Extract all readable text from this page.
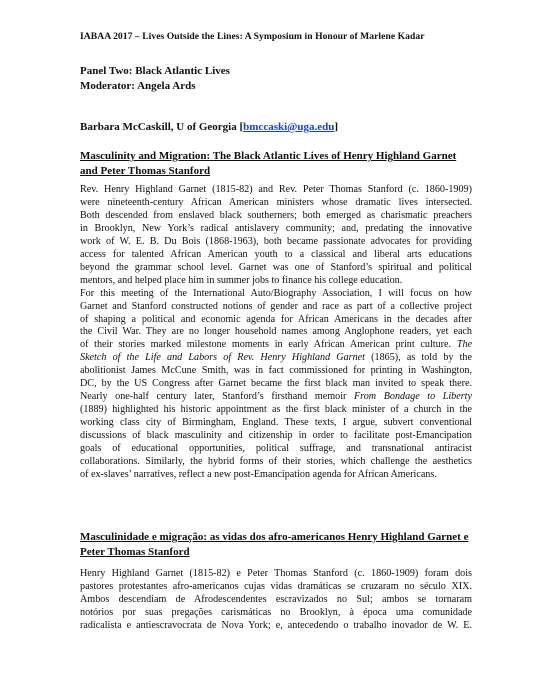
IABAA 2017 – Lives Outside the Lines: A Symposium in Honour of Marlene Kadar
Panel Two: Black Atlantic Lives
Moderator: Angela Ards
Barbara McCaskill, U of Georgia [bmccaski@uga.edu]
Masculinity and Migration: The Black Atlantic Lives of Henry Highland Garnet and Peter Thomas Stanford
Rev. Henry Highland Garnet (1815-82) and Rev. Peter Thomas Stanford (c. 1860-1909)
were nineteenth-century African American ministers whose dramatic lives intersected.
Both descended from enslaved black southerners; both emerged as charismatic preachers
in Brooklyn, New York’s radical antislavery community; and, predating the innovative
work of W. E. B. Du Bois (1868-1963), both became passionate advocates for providing
access for talented African American youth to a classical and liberal arts educations
beyond the grammar school level. Garnet was one of Stanford’s spiritual and political
mentors, and helped place him in summer jobs to finance his college education.
For this meeting of the International Auto/Biography Association, I will focus on how
Garnet and Stanford constructed notions of gender and race as part of a collective project
of shaping a political and economic agenda for African Americans in the decades after
the Civil War. They are no longer household names among Anglophone readers, yet each
of their stories marked milestone moments in early African American print culture. The
Sketch of the Life and Labors of Rev. Henry Highland Garnet (1865), as told by the
abolitionist James McCune Smith, was in fact commissioned for printing in Washington,
DC, by the US Congress after Garnet became the first black man invited to speak there.
Nearly one-half century later, Stanford’s firsthand memoir From Bondage to Liberty
(1889) highlighted his historic appointment as the first black minister of a church in the
working class city of Birmingham, England. These texts, I argue, subvert conventional
discussions of black masculinity and citizenship in order to facilitate post-Emancipation
goals of educational opportunities, political suffrage, and transnational antiracist
collaborations. Similarly, the hybrid forms of their stories, which challenge the aesthetics
of ex-slaves’ narratives, reflect a new post-Emancipation agenda for African Americans.
Masculinidade e migração: as vidas dos afro-americanos Henry Highland Garnet e Peter Thomas Stanford
Henry Highland Garnet (1815-82) e Peter Thomas Stanford (c. 1860-1909) foram dois
pastores protestantes afro-americanos cujas vidas dramáticas se cruzaram no século XIX.
Ambos descendiam de Afrodescendentes escravizados no Sul; ambos se tornaram
notórios por suas pregações carismáticas no Brooklyn, à época uma comunidade
radicalista e antiescravocrata de Nova York; e, antecedendo o trabalho inovador de W. E.
